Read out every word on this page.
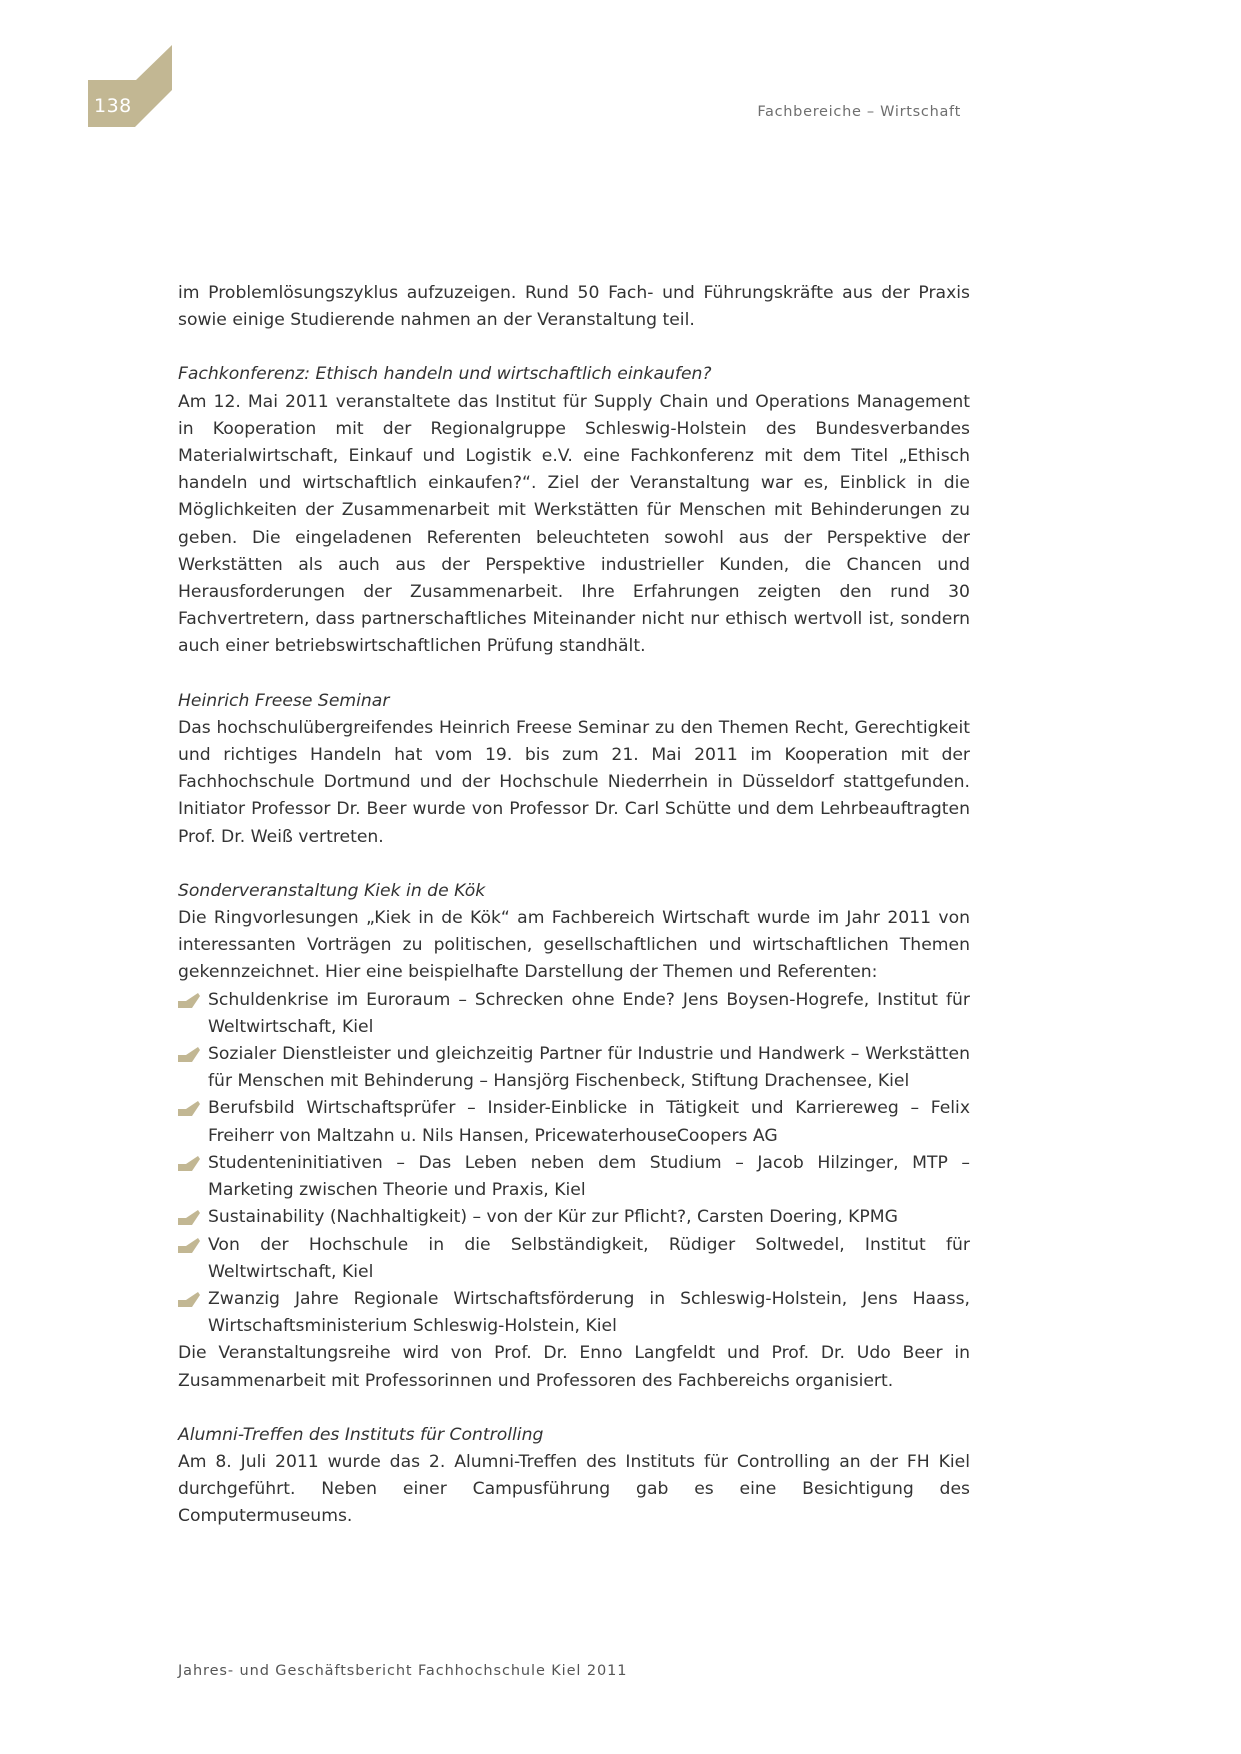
138	Fachbereiche – Wirtschaft

im Problemlösungszyklus aufzuzeigen. Rund 50 Fach- und Führungskräfte aus der Praxis sowie einige Studierende nahmen an der Veranstaltung teil.

Fachkonferenz: Ethisch handeln und wirtschaftlich einkaufen?

Am 12. Mai 2011 veranstaltete das Institut für Supply Chain und Operations Management in Kooperation mit der Regionalgruppe Schleswig-Holstein des Bundesverbandes Materialwirtschaft, Einkauf und Logistik e.V. eine Fachkonferenz mit dem Titel „Ethisch handeln und wirtschaftlich einkaufen?“. Ziel der Veranstaltung war es, Einblick in die Möglichkeiten der Zusammenarbeit mit Werkstätten für Menschen mit Behinderungen zu geben. Die eingeladenen Referenten beleuchteten sowohl aus der Perspektive der Werkstätten als auch aus der Perspektive industrieller Kunden, die Chancen und Herausforderungen der Zusammenarbeit. Ihre Erfahrungen zeigten den rund 30 Fachvertretern, dass partnerschaftliches Miteinander nicht nur ethisch wertvoll ist, sondern auch einer betriebswirtschaftlichen Prüfung standhält.

Heinrich Freese Seminar

Das hochschulübergreifendes Heinrich Freese Seminar zu den Themen Recht, Gerechtigkeit und richtiges Handeln hat vom 19. bis zum 21. Mai 2011 im Kooperation mit der Fachhochschule Dortmund und der Hochschule Niederrhein in Düsseldorf stattgefunden. Initiator Professor Dr. Beer wurde von Professor Dr. Carl Schütte und dem Lehrbeauftragten Prof. Dr. Weiß vertreten.

Sonderveranstaltung Kiek in de Kök

Die Ringvorlesungen „Kiek in de Kök“ am Fachbereich Wirtschaft wurde im Jahr 2011 von interessanten Vorträgen zu politischen, gesellschaftlichen und wirtschaftlichen Themen gekennzeichnet. Hier eine beispielhafte Darstellung der Themen und Referenten:

Schuldenkrise im Euroraum – Schrecken ohne Ende? Jens Boysen-Hogrefe, Institut für Weltwirtschaft, Kiel
Sozialer Dienstleister und gleichzeitig Partner für Industrie und Handwerk – Werkstätten für Menschen mit Behinderung – Hansjörg Fischenbeck, Stiftung Drachensee, Kiel
Berufsbild Wirtschaftsprüfer – Insider-Einblicke in Tätigkeit und Karriereweg – Felix Freiherr von Maltzahn u. Nils Hansen, PricewaterhouseCoopers AG
Studenteninitiativen – Das Leben neben dem Studium – Jacob Hilzinger, MTP – Marketing zwischen Theorie und Praxis, Kiel
Sustainability (Nachhaltigkeit) – von der Kür zur Pflicht?, Carsten Doering, KPMG
Von der Hochschule in die Selbständigkeit, Rüdiger Soltwedel, Institut für Weltwirtschaft, Kiel
Zwanzig Jahre Regionale Wirtschaftsförderung in Schleswig-Holstein, Jens Haass, Wirtschaftsministerium Schleswig-Holstein, Kiel

Die Veranstaltungsreihe wird von Prof. Dr. Enno Langfeldt und Prof. Dr. Udo Beer in Zusammenarbeit mit Professorinnen und Professoren des Fachbereichs organisiert.

Alumni-Treffen des Instituts für Controlling

Am 8. Juli 2011 wurde das 2. Alumni-Treffen des Instituts für Controlling an der FH Kiel durchgeführt. Neben einer Campusführung gab es eine Besichtigung des Computermuseums.

Jahres- und Geschäftsbericht Fachhochschule Kiel 2011
